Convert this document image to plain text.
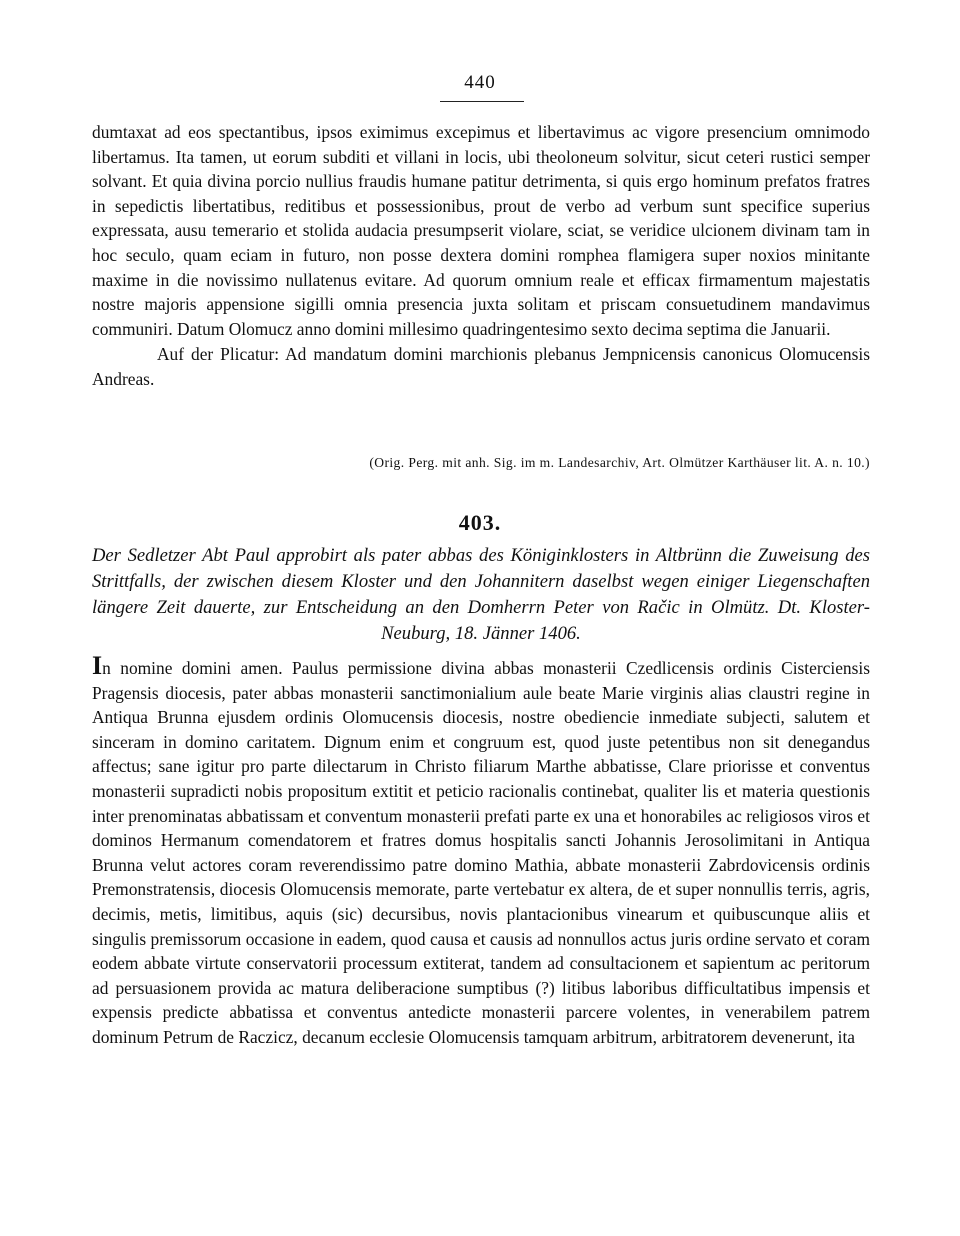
440

dumtaxat ad eos spectantibus, ipsos eximimus excepimus et libertavimus ac vigore presencium omnimodo libertamus. Ita tamen, ut eorum subditi et villani in locis, ubi theoloneum solvitur, sicut ceteri rustici semper solvant. Et quia divina porcio nullius fraudis humane patitur detrimenta, si quis ergo hominum prefatos fratres in sepedictis libertatibus, reditibus et possessionibus, prout de verbo ad verbum sunt specifice superius expressata, ausu temerario et stolida audacia presumpserit violare, sciat, se veridice ulcionem divinam tam in hoc seculo, quam eciam in futuro, non posse dextera domini romphea flamigera super noxios minitante maxime in die novissimo nullatenus evitare. Ad quorum omnium reale et efficax firmamentum majestatis nostre majoris appensione sigilli omnia presencia juxta solitam et priscam consuetudinem mandavimus communiri. Datum Olomucz anno domini millesimo quadringentesimo sexto decima septima die Januarii.

Auf der Plicatur: Ad mandatum domini marchionis plebanus Jempnicensis canonicus Olomucensis Andreas.

(Orig. Perg. mit anh. Sig. im m. Landesarchiv, Art. Olmützer Karthäuser lit. A. n. 10.)
403.
Der Sedletzer Abt Paul approbirt als pater abbas des Königinklosters in Altbrünn die Zuweisung des Strittfalls, der zwischen diesem Kloster und den Johannitern daselbst wegen einiger Liegenschaften längere Zeit dauerte, zur Entscheidung an den Domherrn Peter von Račic in Olmütz. Dt. Kloster-Neuburg, 18. Jänner 1406.

In nomine domini amen. Paulus permissione divina abbas monasterii Czedlicensis ordinis Cisterciensis Pragensis diocesis, pater abbas monasterii sanctimonialium aule beate Marie virginis alias claustri regine in Antiqua Brunna ejusdem ordinis Olomucensis diocesis, nostre obediencie inmediate subjecti, salutem et sinceram in domino caritatem. Dignum enim et congruum est, quod juste petentibus non sit denegandus affectus; sane igitur pro parte dilectarum in Christo filiarum Marthe abbatisse, Clare priorisse et conventus monasterii supradicti nobis propositum extitit et peticio racionalis continebat, qualiter lis et materia questionis inter prenominatas abbatissam et conventum monasterii prefati parte ex una et honorabiles ac religiosos viros et dominos Hermanum comendatorem et fratres domus hospitalis sancti Johannis Jerosolimitani in Antiqua Brunna velut actores coram reverendissimo patre domino Mathia, abbate monasterii Zabrdovicensis ordinis Premonstratensis, diocesis Olomucensis memorate, parte vertebatur ex altera, de et super nonnullis terris, agris, decimis, metis, limitibus, aquis (sic) decursibus, novis plantacionibus vinearum et quibuscunque aliis et singulis premissorum occasione in eadem, quod causa et causis ad nonnullos actus juris ordine servato et coram eodem abbate virtute conservatorii processum extiterat, tandem ad consultacionem et sapientum ac peritorum ad persuasionem provida ac matura deliberacione sumptibus (?) litibus laboribus difficultatibus impensis et expensis predicte abbatissa et conventus antedicte monasterii parcere volentes, in venerabilem patrem dominum Petrum de Raczicz, decanum ecclesie Olomucensis tamquam arbitrum, arbitratorem devenerunt, ita
